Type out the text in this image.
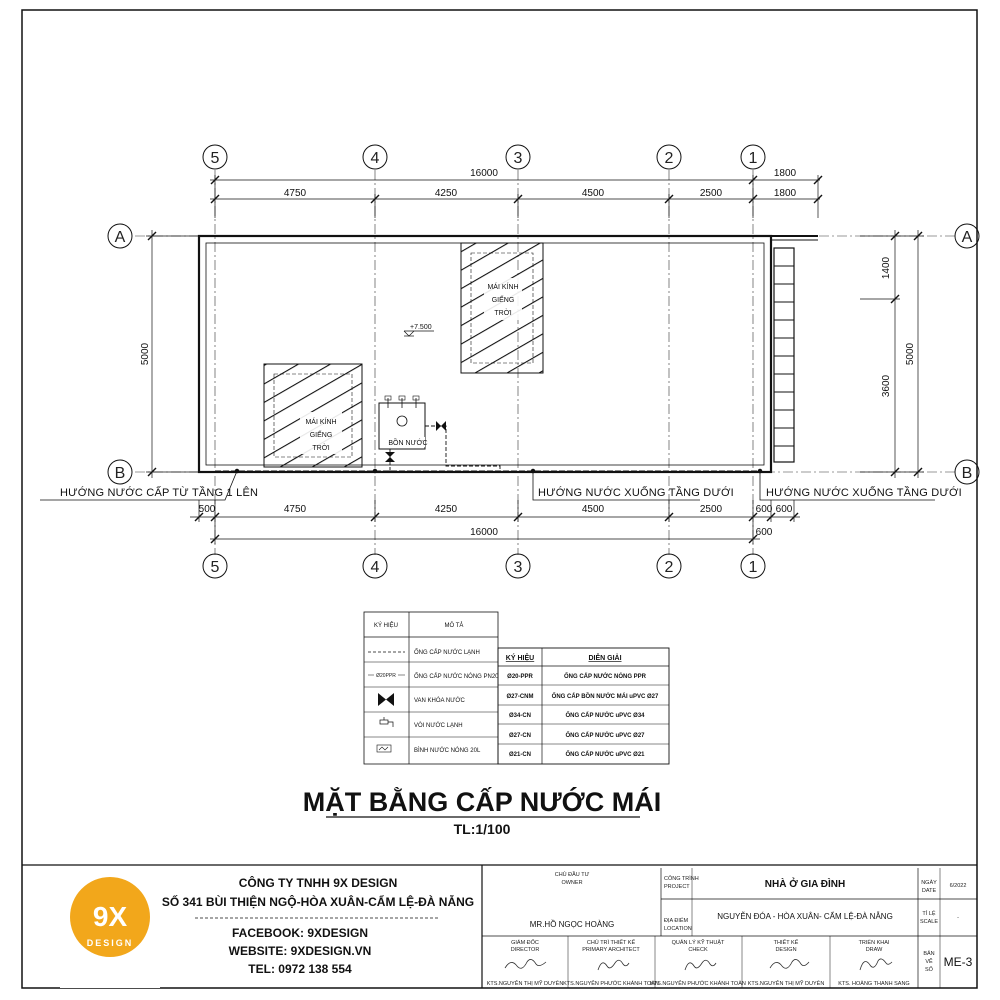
5	4	3	2	1
5	4	3	2	1
A
B
A
B
16000	1800
4750	4250	4500	2500	1800
500	4750	4250	4500	2500	600 600
16000	600
5000
1400
3600
5000
MÁI KÍNH
GIẾNG
TRỜI
MÁI KÍNH
GIẾNG
TRỜI
+7.500
BỒN NƯỚC
HƯỚNG NƯỚC CẤP TỪ TẦNG 1 LÊN	HƯỚNG NƯỚC XUỐNG TẦNG DƯỚI	HƯỚNG NƯỚC XUỐNG TẦNG DƯỚI
KÝ HIỆU	MÔ TẢ
ỐNG CẤP NƯỚC LẠNH
Ø20PPR	ỐNG CẤP NƯỚC NÓNG PN20
VAN KHÓA NƯỚC
VÒI NƯỚC LẠNH
BÌNH NƯỚC NÓNG 20L
KÝ HIỆU	DIỄN GIẢI
Ø20-PPR	ỐNG CẤP NƯỚC NÓNG PPR
Ø27-CNM	ỐNG CẤP BỒN NƯỚC MÁI uPVC Ø27
Ø34-CN	ỐNG CẤP NƯỚC uPVC Ø34
Ø27-CN	ỐNG CẤP NƯỚC uPVC Ø27
Ø21-CN	ỐNG CẤP NƯỚC uPVC Ø21
MẶT BẰNG CẤP NƯỚC MÁI
TL:1/100
9X
DESIGN
CÔNG TY TNHH 9X DESIGN
SỐ 341 BÙI THIỆN NGỘ-HÒA XUÂN-CẨM LỆ-ĐÀ NẴNG
FACEBOOK: 9XDESIGN
WEBSITE: 9XDESIGN.VN
TEL: 0972 138 554
CHỦ ĐẦU TƯ
OWNER
MR.HỒ NGỌC HOÀNG
CÔNG TRÌNH
PROJECT	NHÀ Ở GIA ĐÌNH
ĐỊA ĐIỂM
LOCATION
NGUYỄN ĐÓA - HÒA XUÂN- CẨM LỆ-ĐÀ NẴNG
NGÀY
DATE
6/2022
TỈ LỆ
SCALE
-
BẢN
VẼ
SỐ
ME-3
GIÁM ĐỐC
DIRECTOR
KTS.NGUYỄN THỊ MỸ DUYÊN
CHỦ TRÌ THIẾT KẾ
PRIMARY ARCHITECT
KTS.NGUYỄN PHƯỚC KHÁNH TOÀN
QUẢN LÝ KỸ THUẬT
CHECK
KTS.NGUYỄN PHƯỚC KHÁNH TOÀN
THIẾT KẾ
DESIGN
KTS.NGUYỄN THỊ MỸ DUYÊN
TRIỂN KHAI
DRAW
KTS. HOÀNG THANH SANG
